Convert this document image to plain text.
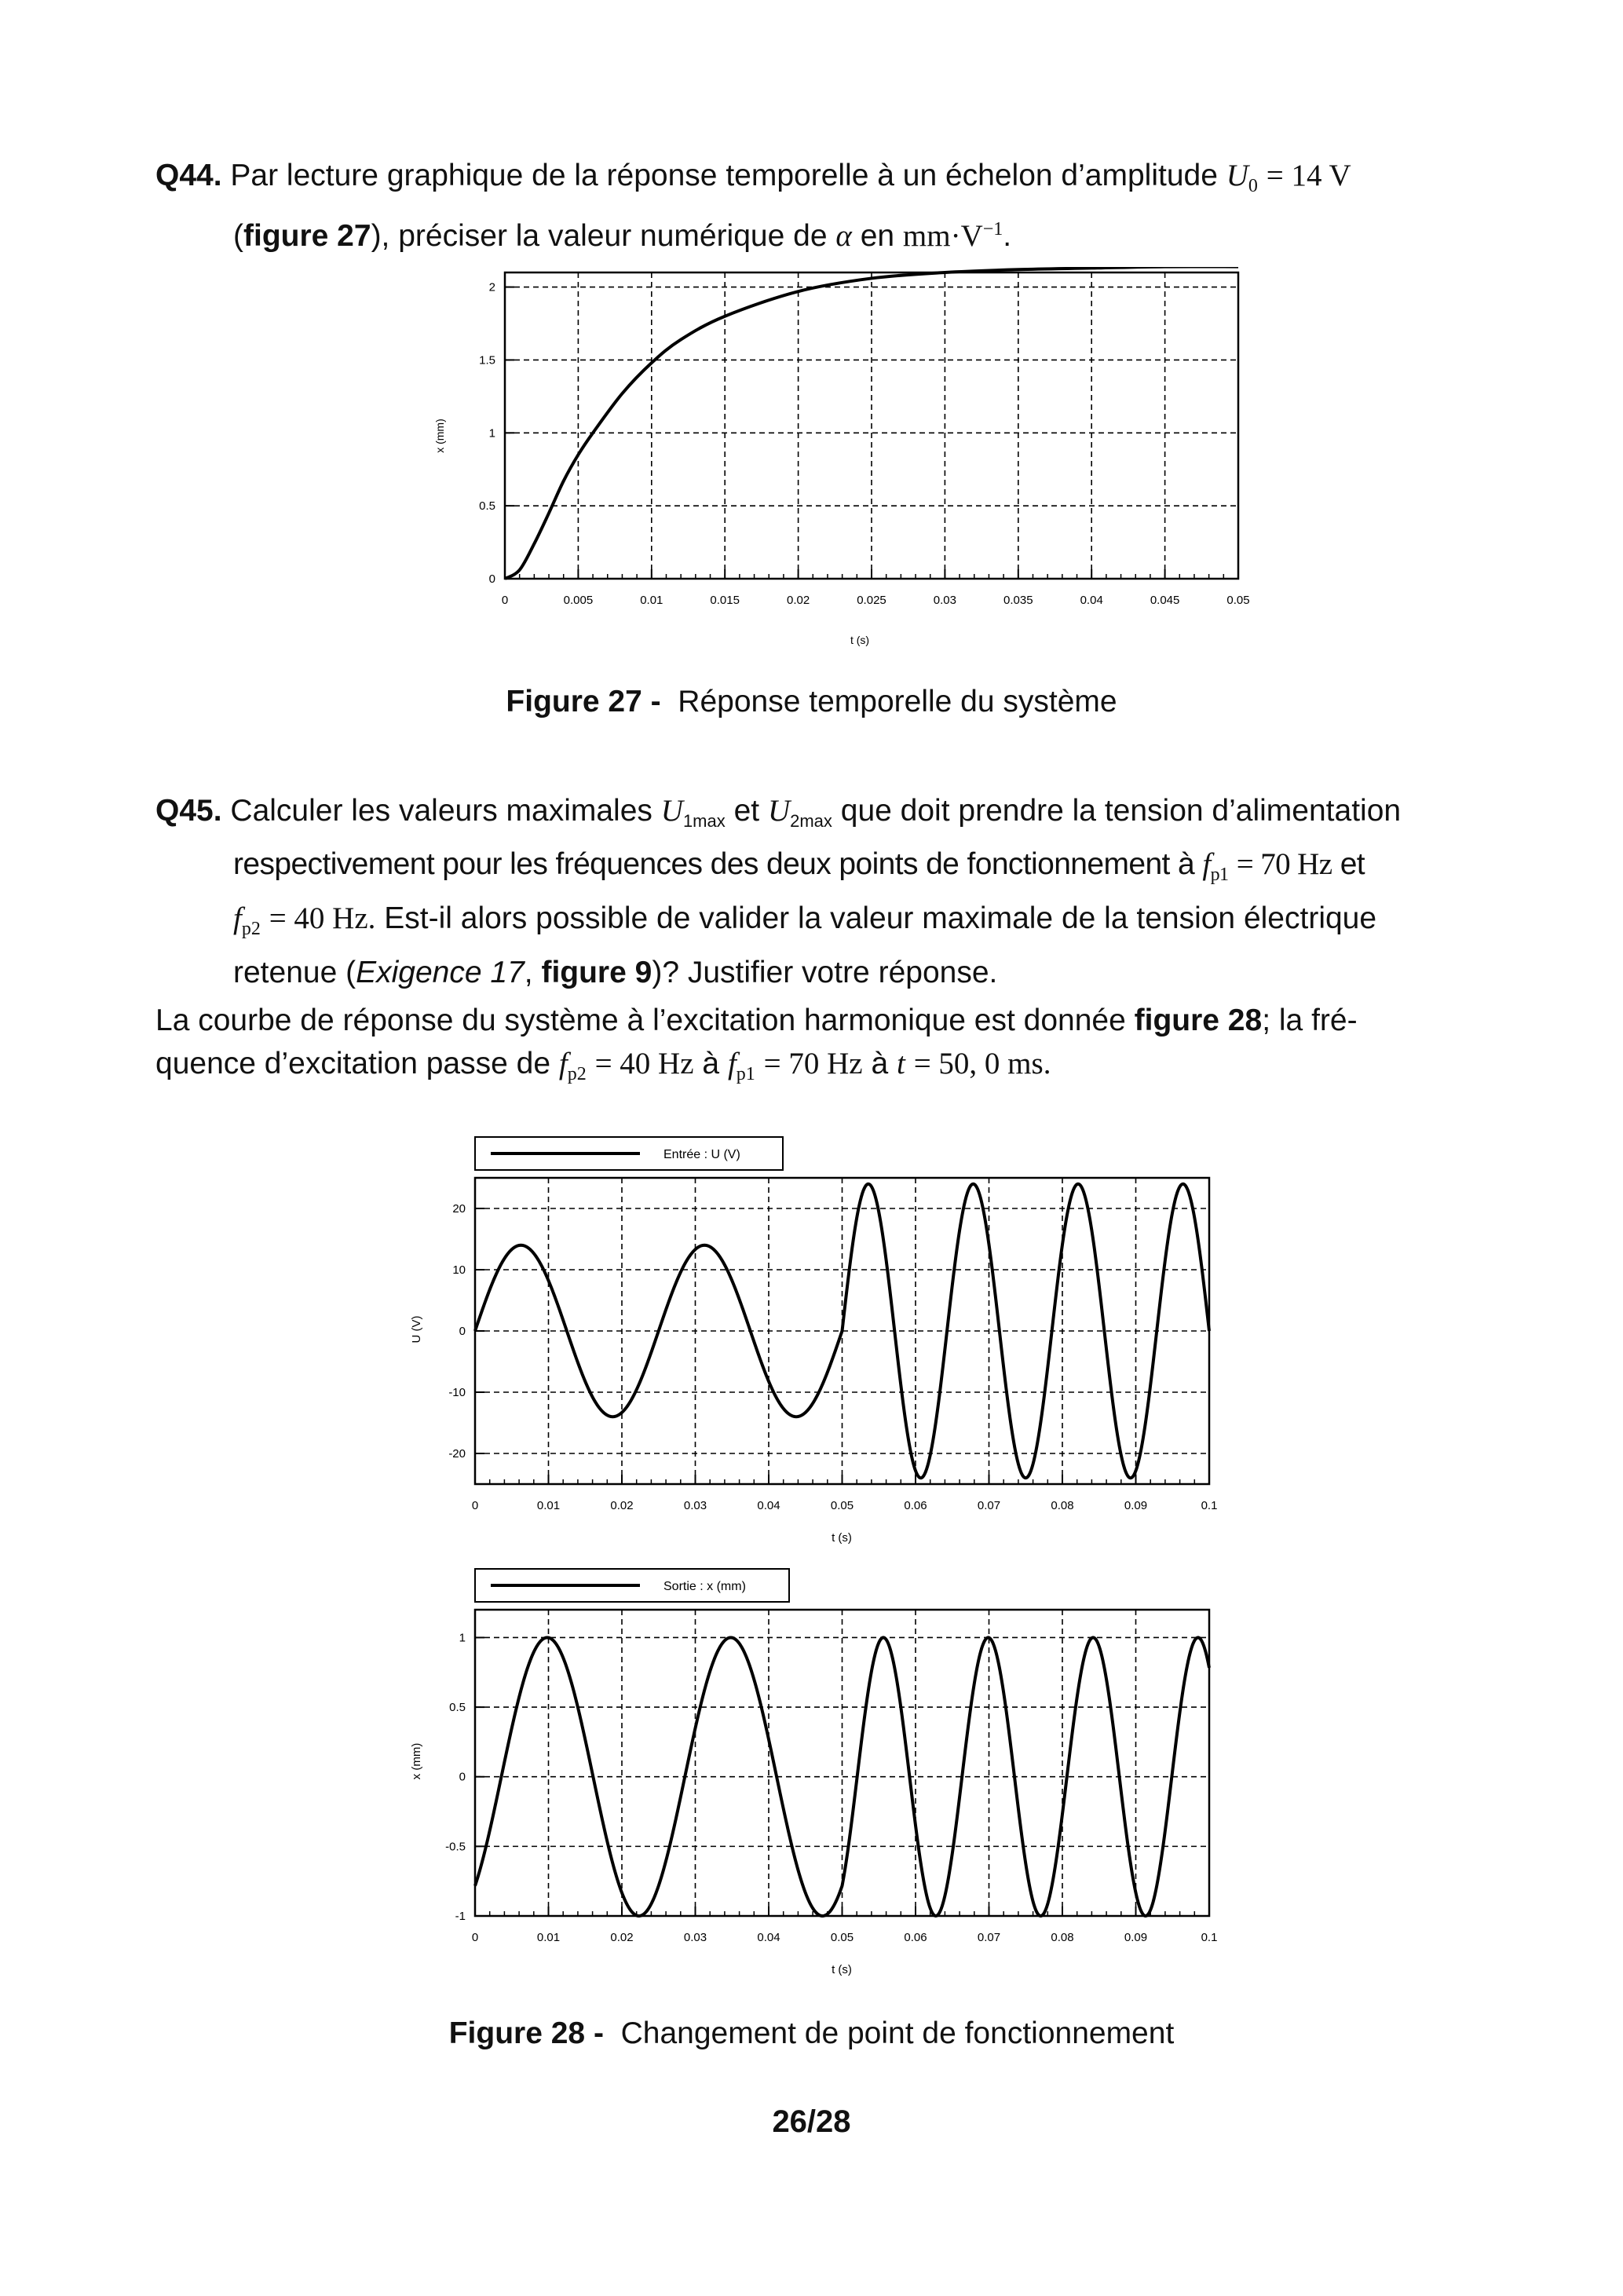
Q44. Par lecture graphique de la réponse temporelle à un échelon d’amplitude $U_0 = 14$ V
(figure 27), préciser la valeur numérique de α en $mm\cdot V^{-1}$.
0	0.005	0.01	0.015	0.02	0.025	0.03	0.035	0.04	0.045	0.05
0
0.5
1
1.5
2
t (s)
x (mm)
Figure 27 - Réponse temporelle du système
Q45. Calculer les valeurs maximales $U_{1max}$ et $U_{2max}$ que doit prendre la tension d’alimentation
respectivement pour les fréquences des deux points de fonctionnement à $f_{p1} = 70$ Hz et
$f_{p2} = 40$ Hz. Est-il alors possible de valider la valeur maximale de la tension électrique
retenue (Exigence 17, figure 9)? Justifier votre réponse.
La courbe de réponse du système à l’excitation harmonique est donnée figure 28; la fré-
quence d’excitation passe de $f_{p2} = 40$ Hz à $f_{p1} = 70$ Hz à t = 50, 0 ms.
Entrée : U (V)
0	0.01	0.02	0.03	0.04	0.05	0.06	0.07	0.08	0.09	0.1
20
10
0
-10
-20
t (s)
U (V)
Sortie : x (mm)
0	0.01	0.02	0.03	0.04	0.05	0.06	0.07	0.08	0.09	0.1
1
0.5
0
-0.5
-1
t (s)
x (mm)
Figure 28 - Changement de point de fonctionnement
26/28
